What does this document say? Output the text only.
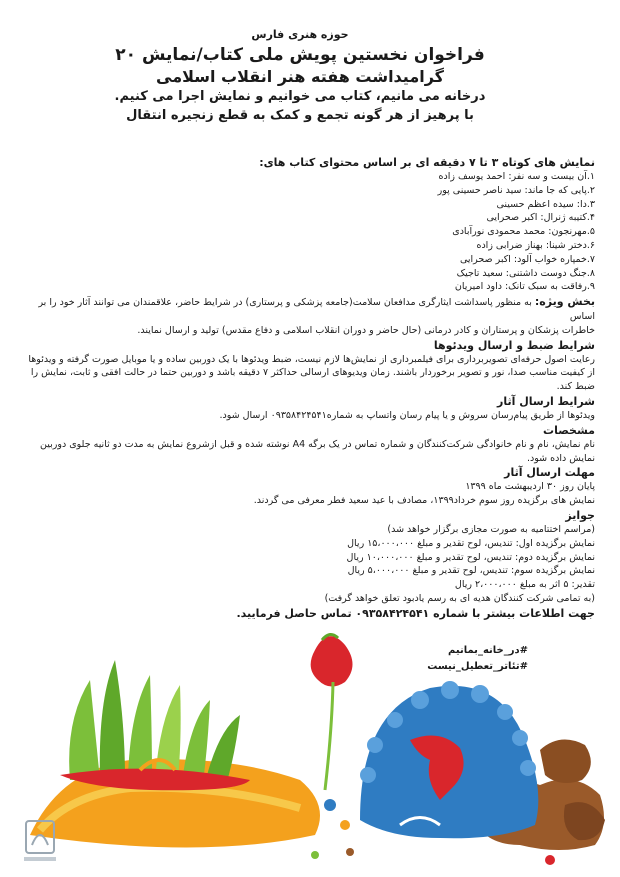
حوزه هنری فارس
فراخوان نخستین پویش ملی کتاب/نمایش ۲۰
گرامیداشت هفته هنر انقلاب اسلامی
درخانه می مانیم، کتاب می خوانیم و نمایش اجرا می کنیم.
با پرهیز از هر گونه تجمع و کمک به قطع زنجیره انتقال
نمایش های کوتاه ۳ تا ۷ دقیقه ای بر اساس محتوای کتاب های:
۱.آن بیست و سه نفر: احمد یوسف زاده
۲.پایی که جا ماند: سید ناصر حسینی پور
۳.دا: سیده اعظم حسینی
۴.کتیبه ژنرال: اکبر صحرایی
۵.مهرنجون: محمد محمودی نورآبادی
۶.دختر شینا: بهناز ضرابی زاده
۷.خمپاره خواب آلود: اکبر صحرایی
۸.جنگ دوست داشتنی: سعید تاجیک
۹.رفاقت به سبک تانک: داود امیریان
بخش ویژه: به منظور پاسداشت ایثارگری مدافعان سلامت(جامعه پزشکی و پرستاری) در شرایط حاضر، علاقمندان می توانند آثار خود را بر اساس
خاطرات پزشکان و پرستاران و کادر درمانی (حال حاضر و دوران انقلاب اسلامی و دفاع مقدس) تولید و ارسال نمایند.
شرایط ضبط و ارسال ویدئوها
رعایت اصول حرفه‌ای تصویربرداری برای فیلمبرداری از نمایش‌ها لازم نیست، ضبط ویدئوها با یک دوربین ساده و یا موبایل صورت گرفته و ویدئوها
از کیفیت مناسب صدا، نور و تصویر برخوردار باشند. زمان ویدیوهای ارسالی حداکثر ۷ دقیقه باشد و دوربین حتما در حالت افقی و ثابت، نمایش را
ضبط کند.
شرایط ارسال آثار
ویدئوها از طریق پیام‌رسان سروش و یا پیام رسان واتساپ به شماره۰۹۳۵۸۴۲۴۵۴۱ ارسال شود.
مشخصات
نام نمایش، نام و نام خانوادگی شرکت‌کنندگان و شماره تماس در یک برگه A4 نوشته شده و قبل ازشروع نمایش به مدت دو ثانیه جلوی دوربین
نمایش داده شود.
مهلت ارسال آثار
پایان روز ۳۰ اردیبهشت ماه ۱۳۹۹
نمایش های برگزیده روز سوم خرداد۱۳۹۹، مصادف با عید سعید فطر معرفی می گردند.
جوایز
(مراسم اختتامیه به صورت مجازی برگزار خواهد شد)
نمایش برگزیده اول: تندیس، لوح تقدیر و مبلغ ۱۵،۰۰۰،۰۰۰ ریال
نمایش برگزیده دوم: تندیس، لوح تقدیر و مبلغ ۱۰،۰۰۰،۰۰۰ ریال
نمایش برگزیده سوم: تندیس، لوح تقدیر و مبلغ ۵،۰۰۰،۰۰۰ ریال
تقدیر: ۵ اثر به مبلغ ۲،۰۰۰،۰۰۰ ریال
(به تمامی شرکت کنندگان هدیه ای به رسم یادبود تعلق خواهد گرفت)
جهت اطلاعات بیشتر با شماره ۰۹۳۵۸۴۲۴۵۴۱ تماس حاصل فرمایید.
#در_خانه_بمانیم
#تئاتر_تعطیل_نیست
